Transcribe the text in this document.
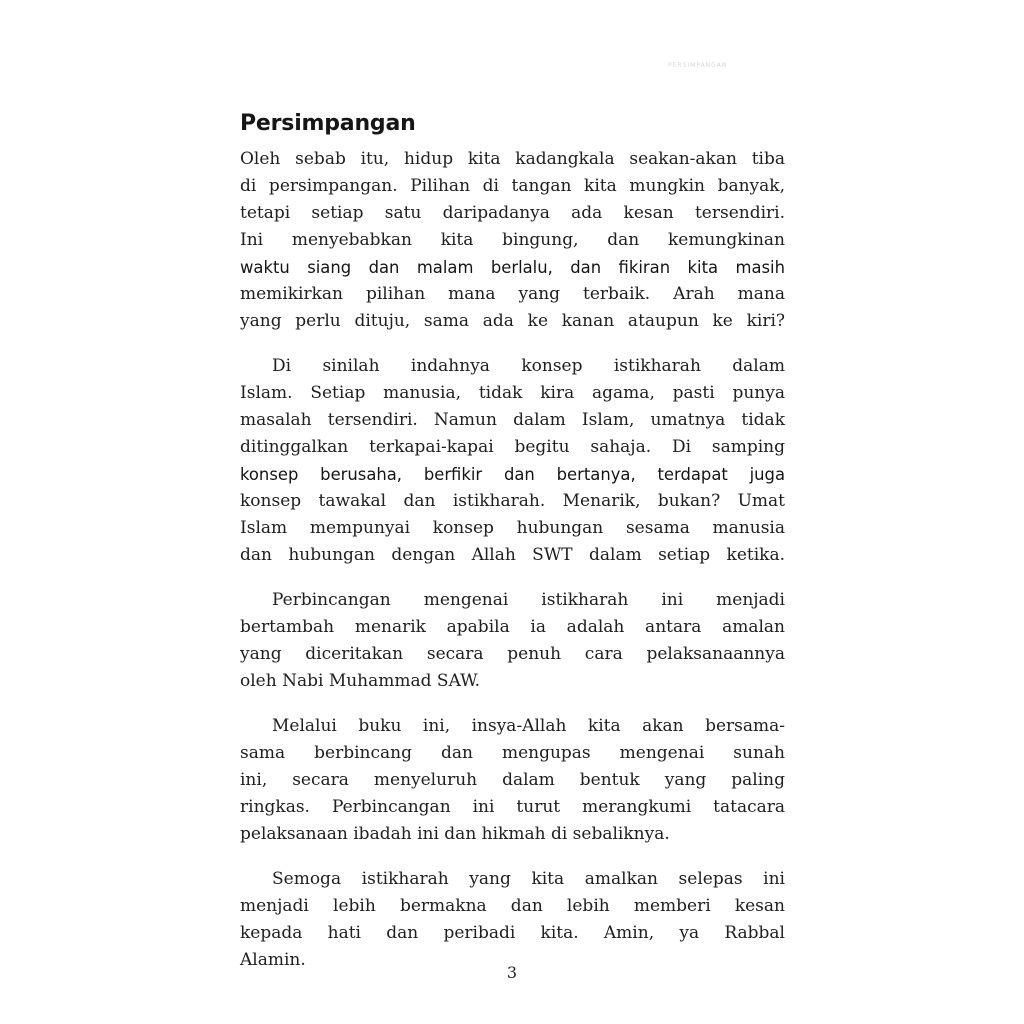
PERSIMPANGAN
Persimpangan

Oleh sebab itu, hidup kita kadangkala seakan-akan tiba
di persimpangan. Pilihan di tangan kita mungkin banyak,
tetapi setiap satu daripadanya ada kesan tersendiri.
Ini menyebabkan kita bingung, dan kemungkinan
waktu siang dan malam berlalu, dan fikiran kita masih
memikirkan pilihan mana yang terbaik. Arah mana
yang perlu dituju, sama ada ke kanan ataupun ke kiri?

Di sinilah indahnya konsep istikharah dalam
Islam. Setiap manusia, tidak kira agama, pasti punya
masalah tersendiri. Namun dalam Islam, umatnya tidak
ditinggalkan terkapai-kapai begitu sahaja. Di samping
konsep berusaha, berfikir dan bertanya, terdapat juga
konsep tawakal dan istikharah. Menarik, bukan? Umat
Islam mempunyai konsep hubungan sesama manusia
dan hubungan dengan Allah SWT dalam setiap ketika.

Perbincangan mengenai istikharah ini menjadi
bertambah menarik apabila ia adalah antara amalan
yang diceritakan secara penuh cara pelaksanaannya
oleh Nabi Muhammad SAW.

Melalui buku ini, insya-Allah kita akan bersama-
sama berbincang dan mengupas mengenai sunah
ini, secara menyeluruh dalam bentuk yang paling
ringkas. Perbincangan ini turut merangkumi tatacara
pelaksanaan ibadah ini dan hikmah di sebaliknya.

Semoga istikharah yang kita amalkan selepas ini
menjadi lebih bermakna dan lebih memberi kesan
kepada hati dan peribadi kita. Amin, ya Rabbal
Alamin.

3
